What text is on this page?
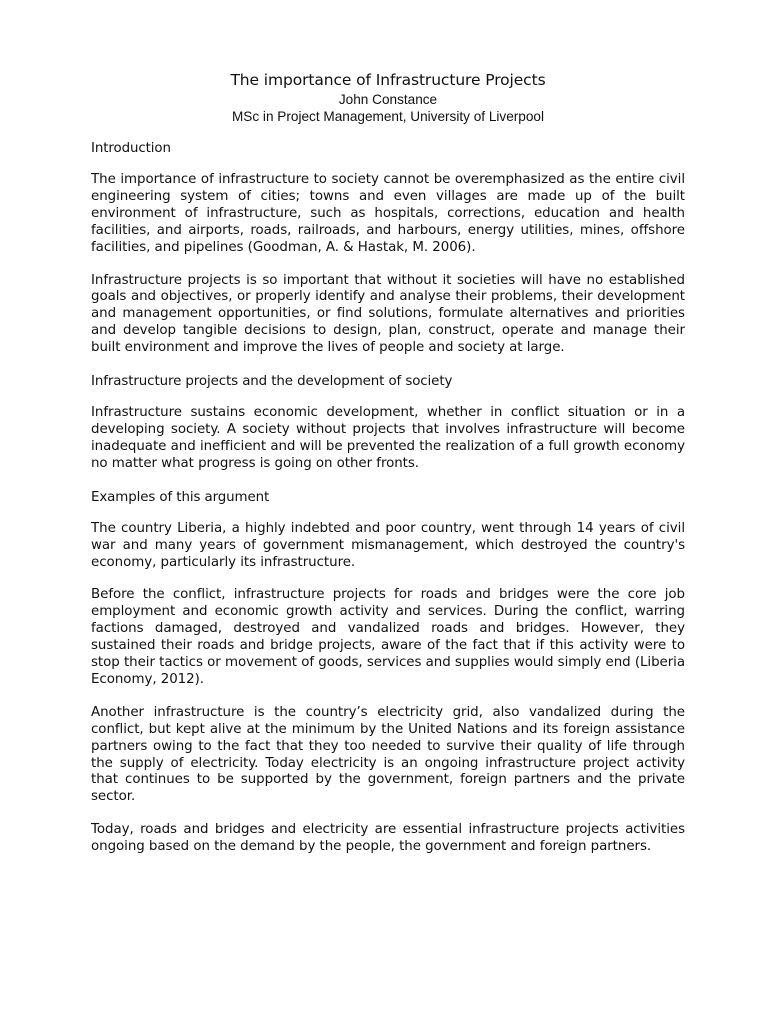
The importance of Infrastructure Projects

John Constance

MSc in Project Management, University of Liverpool

Introduction

The importance of infrastructure to society cannot be overemphasized as the entire civil engineering system of cities; towns and even villages are made up of the built environment of infrastructure, such as hospitals, corrections, education and health facilities, and airports, roads, railroads, and harbours, energy utilities, mines, offshore facilities, and pipelines (Goodman, A. & Hastak, M. 2006).

Infrastructure projects is so important that without it societies will have no established goals and objectives, or properly identify and analyse their problems, their development and management opportunities, or find solutions, formulate alternatives and priorities and develop tangible decisions to design, plan, construct, operate and manage their built environment and improve the lives of people and society at large.

Infrastructure projects and the development of society

Infrastructure sustains economic development, whether in conflict situation or in a developing society. A society without projects that involves infrastructure will become inadequate and inefficient and will be prevented the realization of a full growth economy no matter what progress is going on other fronts.

Examples of this argument

The country Liberia, a highly indebted and poor country, went through 14 years of civil war and many years of government mismanagement, which destroyed the country's economy, particularly its infrastructure.

Before the conflict, infrastructure projects for roads and bridges were the core job employment and economic growth activity and services. During the conflict, warring factions damaged, destroyed and vandalized roads and bridges. However, they sustained their roads and bridge projects, aware of the fact that if this activity were to stop their tactics or movement of goods, services and supplies would simply end (Liberia Economy, 2012).

Another infrastructure is the country’s electricity grid, also vandalized during the conflict, but kept alive at the minimum by the United Nations and its foreign assistance partners owing to the fact that they too needed to survive their quality of life through the supply of electricity. Today electricity is an ongoing infrastructure project activity that continues to be supported by the government, foreign partners and the private sector.

Today, roads and bridges and electricity are essential infrastructure projects activities ongoing based on the demand by the people, the government and foreign partners.
